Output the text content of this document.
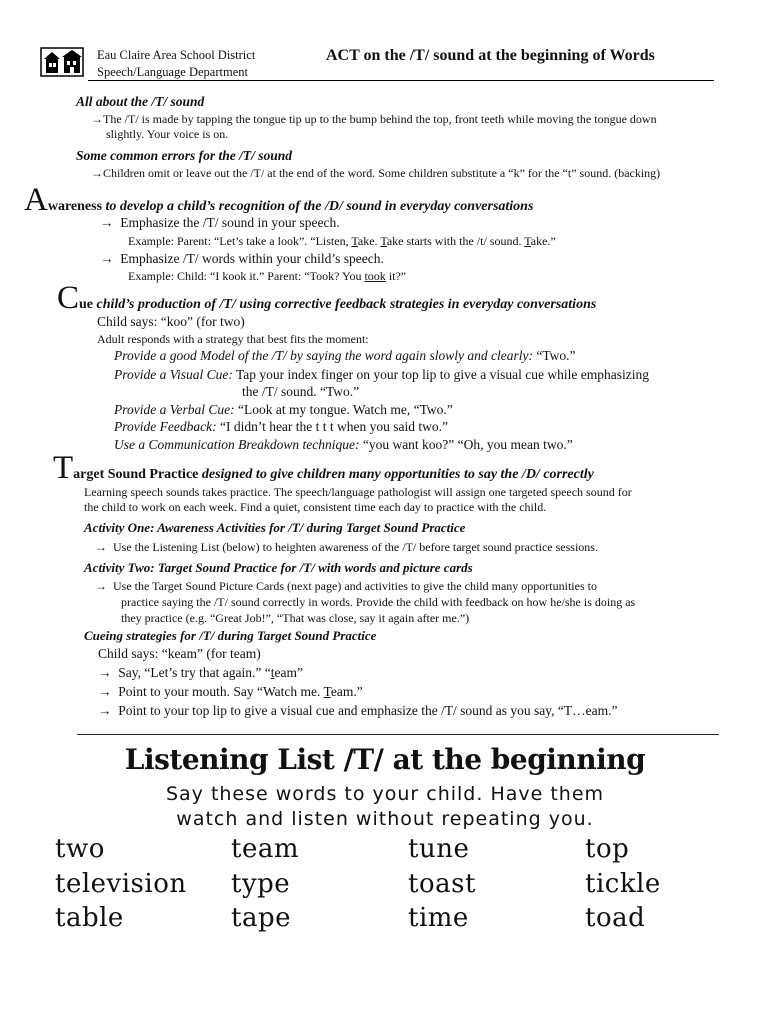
Eau Claire Area School District
Speech/Language Department
ACT on the /T/ sound at the beginning of Words
All about the /T/ sound
→The /T/ is made by tapping the tongue tip up to the bump behind the top, front teeth while moving the tongue down
slightly. Your voice is on.
Some common errors for the /T/ sound
→Children omit or leave out the /T/ at the end of the word. Some children substitute a “k” for the “t” sound. (backing)
Awareness to develop a child’s recognition of the /D/ sound in everyday conversations
→ Emphasize the /T/ sound in your speech.
Example: Parent: “Let’s take a look”. “Listen, Take. Take starts with the /t/ sound. Take.”
→ Emphasize /T/ words within your child’s speech.
Example: Child: “I kook it.” Parent: “Took? You took it?”
Cue child’s production of /T/ using corrective feedback strategies in everyday conversations
Child says: “koo” (for two)
Adult responds with a strategy that best fits the moment:
Provide a good Model of the /T/ by saying the word again slowly and clearly: “Two.”
Provide a Visual Cue: Tap your index finger on your top lip to give a visual cue while emphasizing
the /T/ sound. “Two.”
Provide a Verbal Cue: “Look at my tongue. Watch me, “Two.”
Provide Feedback: “I didn’t hear the t t t when you said two.”
Use a Communication Breakdown technique: “you want koo?” “Oh, you mean two.”
Target Sound Practice designed to give children many opportunities to say the /D/ correctly
Learning speech sounds takes practice. The speech/language pathologist will assign one targeted speech sound for
the child to work on each week. Find a quiet, consistent time each day to practice with the child.
Activity One: Awareness Activities for /T/ during Target Sound Practice
→ Use the Listening List (below) to heighten awareness of the /T/ before target sound practice sessions.
Activity Two: Target Sound Practice for /T/ with words and picture cards
→ Use the Target Sound Picture Cards (next page) and activities to give the child many opportunities to
practice saying the /T/ sound correctly in words. Provide the child with feedback on how he/she is doing as
they practice (e.g. “Great Job!”, “That was close, say it again after me.”)
Cueing strategies for /T/ during Target Sound Practice
Child says: “keam” (for team)
→ Say, “Let’s try that again.” “team”
→ Point to your mouth. Say “Watch me. Team.”
→ Point to your top lip to give a visual cue and emphasize the /T/ sound as you say, “T…eam.”
Listening List /T/ at the beginning
Say these words to your child. Have them
watch and listen without repeating you.
two
television
table
team
type
tape
tune
toast
time
top
tickle
toad
